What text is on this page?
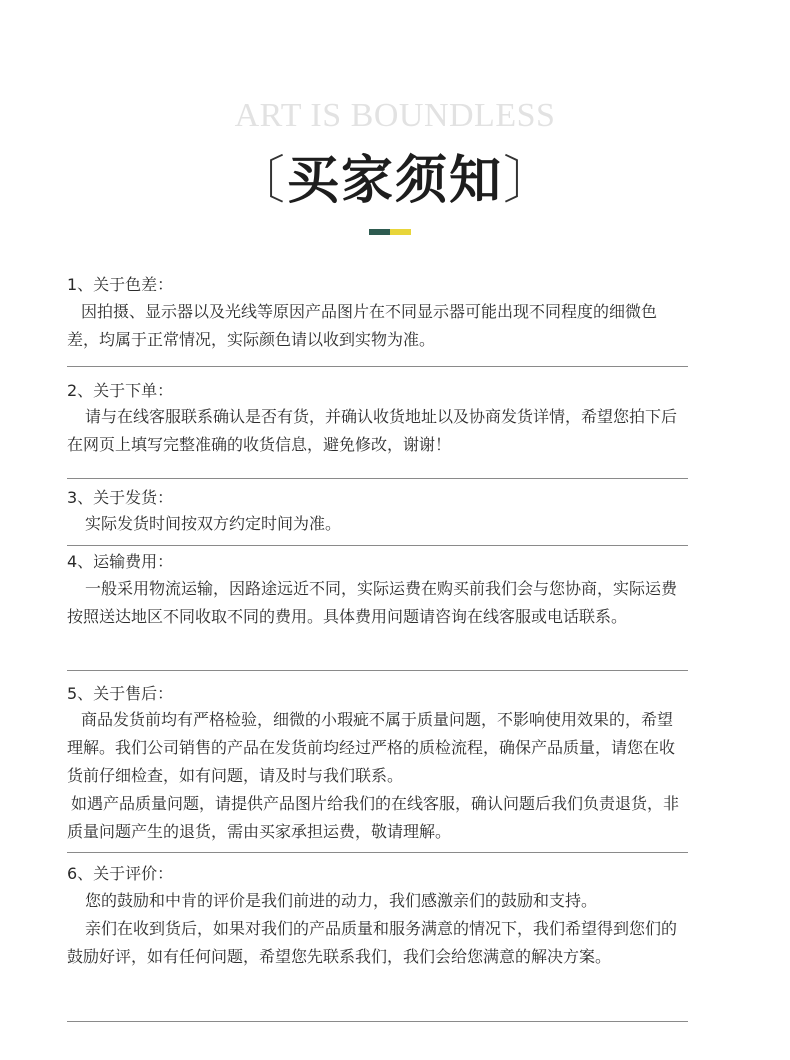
ART IS BOUNDLESS
〔买家须知〕
1、关于色差：
因拍摄、显示器以及光线等原因产品图片在不同显示器可能出现不同程度的细微色差，均属于正常情况，实际颜色请以收到实物为准。
2、关于下单：
请与在线客服联系确认是否有货，并确认收货地址以及协商发货详情，希望您拍下后在网页上填写完整准确的收货信息，避免修改，谢谢！
3、关于发货：
实际发货时间按双方约定时间为准。
4、运输费用：
一般采用物流运输，因路途远近不同，实际运费在购买前我们会与您协商，实际运费按照送达地区不同收取不同的费用。具体费用问题请咨询在线客服或电话联系。
5、关于售后：
商品发货前均有严格检验，细微的小瑕疵不属于质量问题，不影响使用效果的，希望理解。我们公司销售的产品在发货前均经过严格的质检流程，确保产品质量，请您在收货前仔细检查，如有问题，请及时与我们联系。
如遇产品质量问题，请提供产品图片给我们的在线客服，确认问题后我们负责退货，非质量问题产生的退货，需由买家承担运费，敬请理解。
6、关于评价：
您的鼓励和中肯的评价是我们前进的动力，我们感激亲们的鼓励和支持。
亲们在收到货后，如果对我们的产品质量和服务满意的情况下，我们希望得到您们的鼓励好评，如有任何问题，希望您先联系我们，我们会给您满意的解决方案。
